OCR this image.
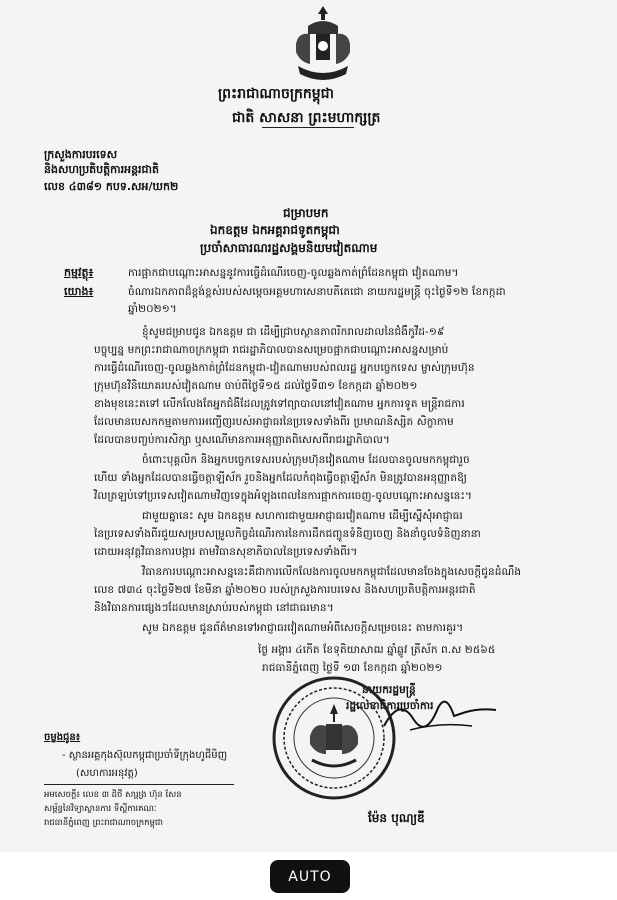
ព្រះរាជាណាចក្រកម្ពុជា
ជាតិ សាសនា ព្រះមហាក្សត្រ
ក្រសួងការបរទេស
និងសហប្រតិបត្តិការអន្តរជាតិ
លេខ ៤៣៨១ កបទ.សអ/ឃក២
ជម្រាបមក
ឯកឧត្តម ឯកអគ្គរាជទូតកម្ពុជា
ប្រចាំសាធារណរដ្ឋសង្គមនិយមវៀតណាម
កម្មវត្ថុ៖	ការផ្អាកជាបណ្តោះអាសន្ននូវការធ្វើដំណើរចេញ-ចូលឆ្លងកាត់ព្រំដែនកម្ពុជា វៀតណាម។
យោង៖	ចំណារឯកភាពដ៏ខ្ពង់ខ្ពស់របស់សម្តេចអគ្គមហាសេនាបតីតេជោ នាយករដ្ឋមន្ត្រី ចុះថ្ងៃទី១២ ខែកក្កដា
ឆ្នាំ២០២១។
ខ្ញុំសូមជម្រាបជូន ឯកឧត្តម ជា ដើម្បីជ្រាបស្ថានភាពរីករាលដាលនៃជំងឺកូវីដ-១៩
បច្ចុប្បន្ន មកព្រះរាជាណាចក្រកម្ពុជា រាជរដ្ឋាភិបាលបានសម្រេចផ្អាកជាបណ្តោះអាសន្នសម្រាប់
ការធ្វើដំណើរចេញ-ចូលឆ្លងកាត់ព្រំដែនកម្ពុជា-វៀតណាមរបស់ពលរដ្ឋ អ្នកបច្ចេកទេស ម្ចាស់ក្រុមហ៊ុន
ក្រុមហ៊ុនវិនិយោគរបស់វៀតណាម ចាប់ពីថ្ងៃទី១៥ ដល់ថ្ងៃទី៣១ ខែកក្កដា ឆ្នាំ២០២១
ខាងមុខនេះតទៅ លើកលែងតែអ្នកជំងឺដែលត្រូវទៅព្យាបាលនៅវៀតណាម អ្នកការទូត មន្ត្រីរាជការ
ដែលមានបេសកកម្មតាមការអញ្ជើញរបស់អាជ្ញាធរនៃប្រទេសទាំងពីរ ប្រមាណនិស្សិត សិក្ខាកាម
ដែលបានបញ្ចប់ការសិក្សា ឬសណើមានការអនុញ្ញាតពិសេសពីរាជរដ្ឋាភិបាល។
ចំពោះបុគ្គលិក និងអ្នកបច្ចេកទេសរបស់ក្រុមហ៊ុនវៀតណាម ដែលបានចូលមកកម្ពុជារួច
ហើយ ទាំងអ្នកដែលបានធ្វើចត្តាឡីស័ក រួចនិងអ្នកដែលកំពុងធ្វើចត្តាឡីស័ក មិនត្រូវបានអនុញ្ញាតឱ្យ
វិលត្រឡប់ទៅប្រទេសវៀតណាមវិញទេក្នុងអំឡុងពេលនៃការផ្អាកការចេញ-ចូលបណ្តោះអាសន្ននេះ។
ជាមួយគ្នានេះ សូម ឯកឧត្តម សហការជាមួយអាជ្ញាធរវៀតណាម ដើម្បីស្នើសុំអាជ្ញាធរ
នៃប្រទេសទាំងពីរជួយសម្របសម្រួលកិច្ចដំណើរការនៃការដឹកជញ្ជូនទំនិញចេញ និងនាំចូលទំនិញនានា
ដោយអនុវត្តវិធានការបង្ការ តាមវិធានសុខាភិបាលនៃប្រទេសទាំងពីរ។
វិធានការបណ្តោះអាសន្ននេះគឺជាការលើកលែងការចូលមកកម្ពុជាដែលមានចែងក្នុងសេចក្តីជូនដំណឹង
លេខ ៧៣៤ ចុះថ្ងៃទី២៧ ខែមីនា ឆ្នាំ២០២០ របស់ក្រសួងការបរទេស និងសហប្រតិបត្តិការអន្តរជាតិ
និងវិធានការផ្សេងៗដែលមានស្រាប់របស់កម្ពុជា នៅជាធរមាន។
សូម ឯកឧត្តម ជូនព័ត៌មានទៅអាជ្ញាធរវៀតណាមអំពីសេចក្តីសម្រេចនេះ តាមការគួរ។
ថ្ងៃ អង្គារ ៤កើត ខែទុតិយាសាឍ ឆ្នាំឆ្លូវ ត្រីស័ក ព.ស ២៥៦៥
រាជធានីភ្នំពេញ ថ្ងៃទី ១៣ ខែកក្កដា ឆ្នាំ២០២១
នាយករដ្ឋមន្ត្រី
រដ្ឋលេខាធិការប្រចាំការ
ម៉ែន បុណ្យឌី
ចម្លងជូន៖
- ស្ថានអគ្គកុងស៊ុលកម្ពុជាប្រចាំទីក្រុងហូជីមិញ
(សហការអនុវត្ត)
អមសេចក្តី៖ លេខ ៣ ដិថី សារ្ពង្រ ហ៊ុន សែន
សម្ព័ន្ធនៃវិទ្យាស្ថានការ ទីស្តីការគណៈ
រាជធានីភ្នំពេញ ព្រះរាជាណាចក្រកម្ពុជា
AUTO
